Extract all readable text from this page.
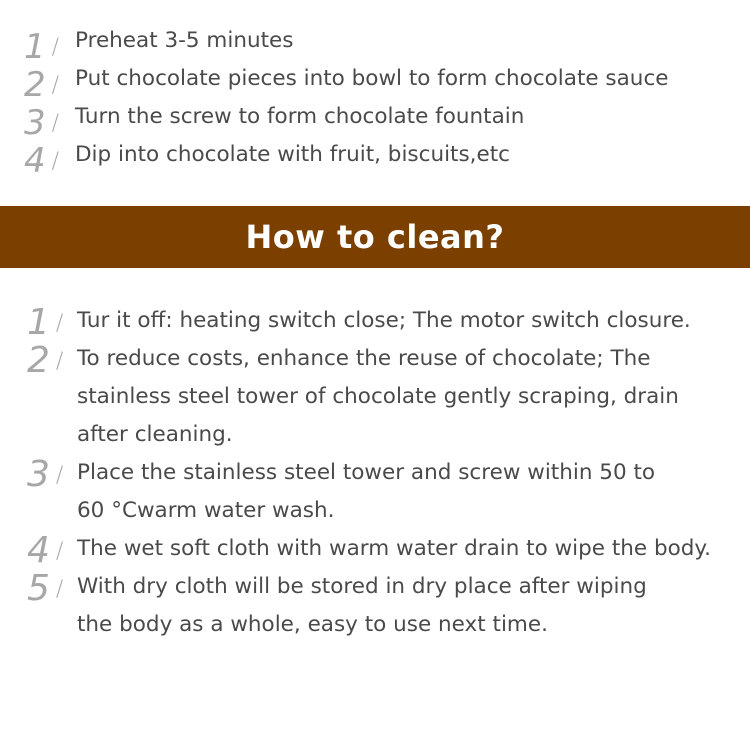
1 / Preheat 3-5 minutes
2 / Put chocolate pieces into bowl to form chocolate sauce
3 / Turn the screw to form chocolate fountain
4 / Dip into chocolate with fruit, biscuits,etc
How to clean?
1 / Tur it off: heating switch close; The motor switch closure.
2 / To reduce costs, enhance the reuse of chocolate; The
stainless steel tower of chocolate gently scraping, drain
after cleaning.
3 / Place the stainless steel tower and screw within 50 to
60 °Cwarm water wash.
4 / The wet soft cloth with warm water drain to wipe the body.
5 / With dry cloth will be stored in dry place after wiping
the body as a whole, easy to use next time.
